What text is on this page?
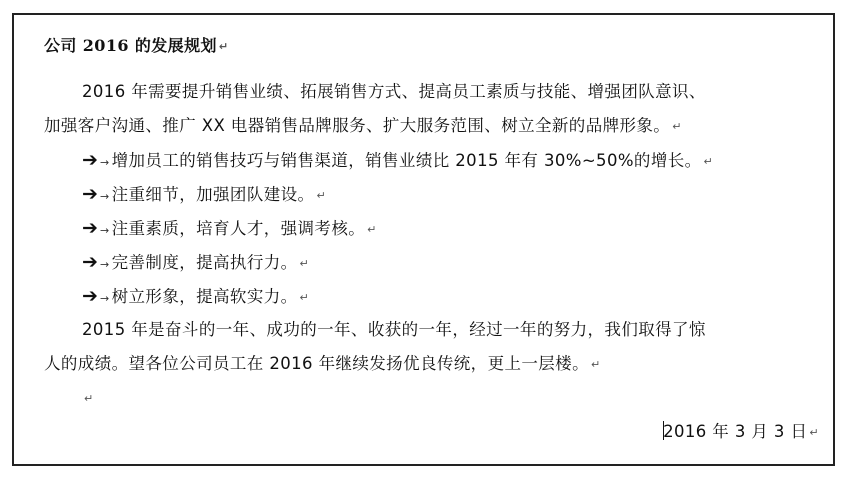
公司 2016 的发展规划 ↵
2016 年需要提升销售业绩、拓展销售方式、提高员工素质与技能、增强团队意识、
加强客户沟通、推广 XX 电器销售品牌服务、扩大服务范围、树立全新的品牌形象。 ↵
➔ → 增加员工的销售技巧与销售渠道，销售业绩比 2015 年有 30%~50%的增长。 ↵
➔ → 注重细节，加强团队建设。 ↵
➔ → 注重素质，培育人才，强调考核。 ↵
➔ → 完善制度，提高执行力。 ↵
➔ → 树立形象，提高软实力。 ↵
2015 年是奋斗的一年、成功的一年、收获的一年，经过一年的努力，我们取得了惊
人的成绩。望各位公司员工在 2016 年继续发扬优良传统，更上一层楼。 ↵
↵
2016 年 3 月 3 日 ↵
